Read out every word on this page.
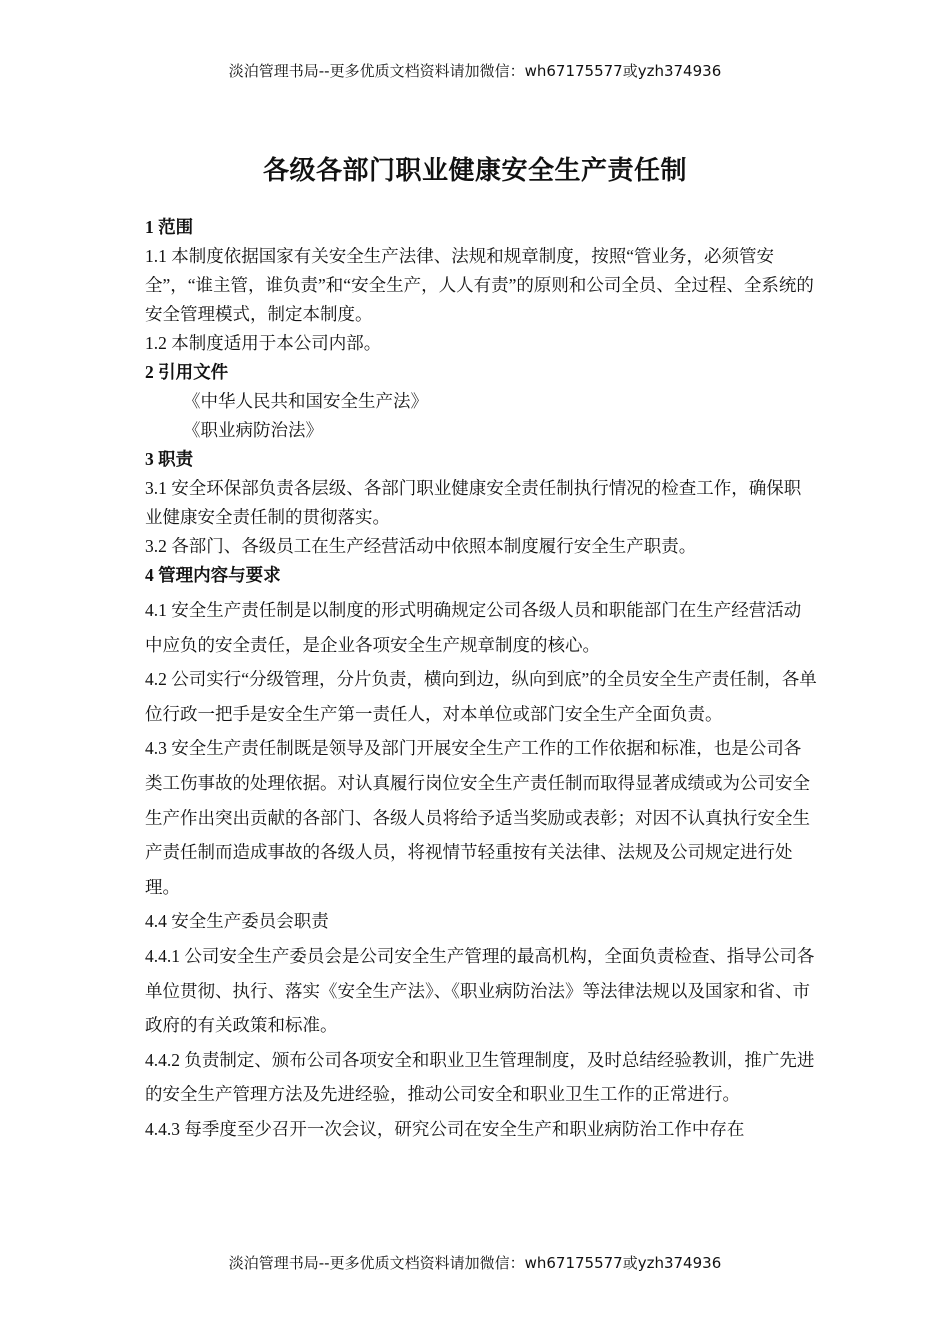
淡泊管理书局--更多优质文档资料请加微信：wh67175577或yzh374936
各级各部门职业健康安全生产责任制

1 范围

1.1 本制度依据国家有关安全生产法律、法规和规章制度，按照“管业务，必须管安全”，“谁主管，谁负责”和“安全生产，人人有责”的原则和公司全员、全过程、全系统的安全管理模式，制定本制度。

1.2 本制度适用于本公司内部。

2 引用文件

《中华人民共和国安全生产法》

《职业病防治法》

3 职责

3.1 安全环保部负责各层级、各部门职业健康安全责任制执行情况的检查工作，确保职业健康安全责任制的贯彻落实。

3.2 各部门、各级员工在生产经营活动中依照本制度履行安全生产职责。

4 管理内容与要求

4.1 安全生产责任制是以制度的形式明确规定公司各级人员和职能部门在生产经营活动中应负的安全责任，是企业各项安全生产规章制度的核心。

4.2 公司实行“分级管理，分片负责，横向到边，纵向到底”的全员安全生产责任制，各单位行政一把手是安全生产第一责任人，对本单位或部门安全生产全面负责。

4.3 安全生产责任制既是领导及部门开展安全生产工作的工作依据和标准，也是公司各类工伤事故的处理依据。对认真履行岗位安全生产责任制而取得显著成绩或为公司安全生产作出突出贡献的各部门、各级人员将给予适当奖励或表彰；对因不认真执行安全生产责任制而造成事故的各级人员，将视情节轻重按有关法律、法规及公司规定进行处理。

4.4 安全生产委员会职责

4.4.1 公司安全生产委员会是公司安全生产管理的最高机构，全面负责检查、指导公司各单位贯彻、执行、落实《安全生产法》、《职业病防治法》等法律法规以及国家和省、市政府的有关政策和标准。

4.4.2 负责制定、颁布公司各项安全和职业卫生管理制度，及时总结经验教训，推广先进的安全生产管理方法及先进经验，推动公司安全和职业卫生工作的正常进行。

4.4.3 每季度至少召开一次会议，研究公司在安全生产和职业病防治工作中存在

淡泊管理书局--更多优质文档资料请加微信：wh67175577或yzh374936
